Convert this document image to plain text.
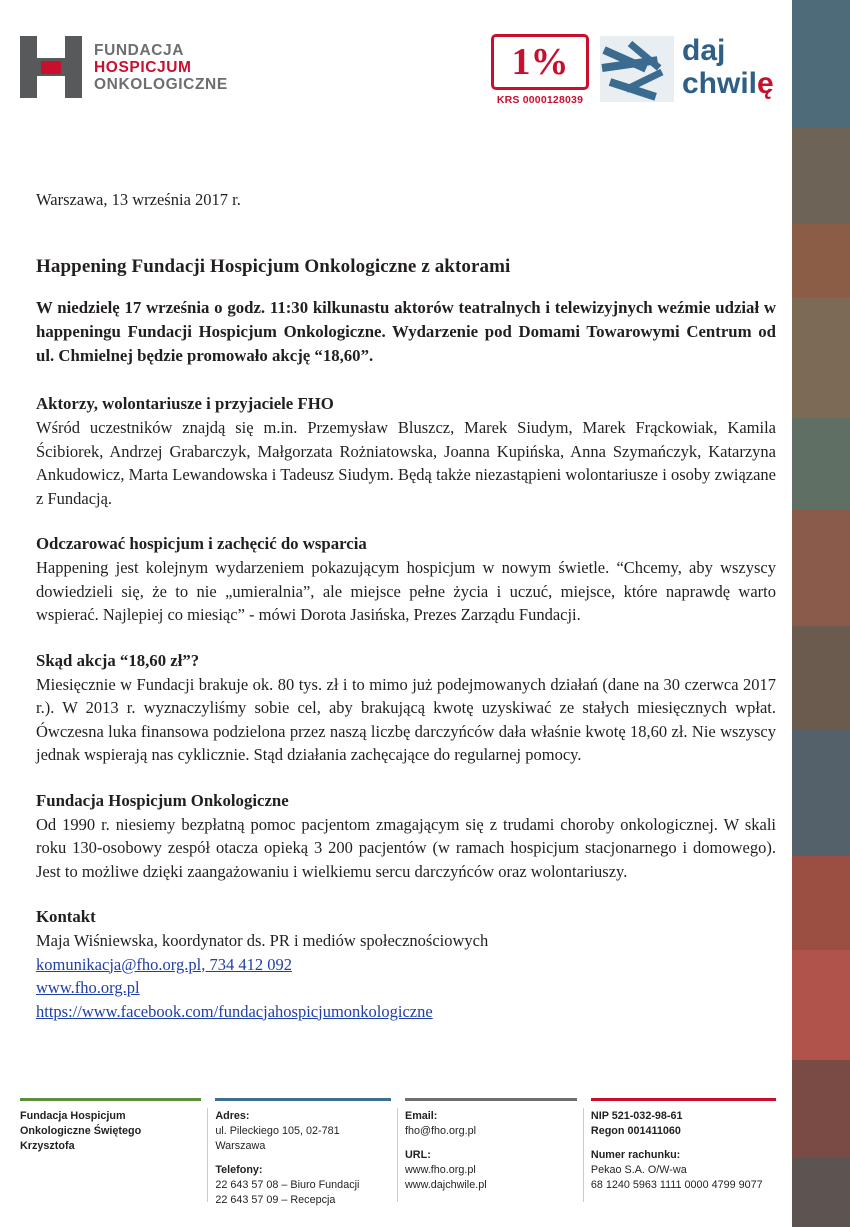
FUNDACJA
HOSPICJUM
ONKOLOGICZNE
1%
KRS 0000128039
daj
chwilę
Warszawa, 13 września 2017 r.
Happening Fundacji Hospicjum Onkologiczne z aktorami

W niedzielę 17 września o godz. 11:30 kilkunastu aktorów teatralnych i telewizyjnych weźmie udział w happeningu Fundacji Hospicjum Onkologiczne. Wydarzenie pod Domami Towarowymi Centrum od ul. Chmielnej będzie promowało akcję “18,60”.

Aktorzy, wolontariusze i przyjaciele FHO

Wśród uczestników znajdą się m.in. Przemysław Bluszcz, Marek Siudym, Marek Frąckowiak, Kamila Ścibiorek, Andrzej Grabarczyk, Małgorzata Rożniatowska, Joanna Kupińska, Anna Szymańczyk, Katarzyna Ankudowicz, Marta Lewandowska i Tadeusz Siudym. Będą także niezastąpieni wolontariusze i osoby związane z Fundacją.

Odczarować hospicjum i zachęcić do wsparcia

Happening jest kolejnym wydarzeniem pokazującym hospicjum w nowym świetle. “Chcemy, aby wszyscy dowiedzieli się, że to nie „umieralnia”, ale miejsce pełne życia i uczuć, miejsce, które naprawdę warto wspierać. Najlepiej co miesiąc” - mówi Dorota Jasińska, Prezes Zarządu Fundacji.

Skąd akcja “18,60 zł”?

Miesięcznie w Fundacji brakuje ok. 80 tys. zł i to mimo już podejmowanych działań (dane na 30 czerwca 2017 r.). W 2013 r. wyznaczyliśmy sobie cel, aby brakującą kwotę uzyskiwać ze stałych miesięcznych wpłat. Ówczesna luka finansowa podzielona przez naszą liczbę darczyńców dała właśnie kwotę 18,60 zł. Nie wszyscy jednak wspierają nas cyklicznie. Stąd działania zachęcające do regularnej pomocy.

Fundacja Hospicjum Onkologiczne

Od 1990 r. niesiemy bezpłatną pomoc pacjentom zmagającym się z trudami choroby onkologicznej. W skali roku 130-osobowy zespół otacza opieką 3 200 pacjentów (w ramach hospicjum stacjonarnego i domowego). Jest to możliwe dzięki zaangażowaniu i wielkiemu sercu darczyńców oraz wolontariuszy.

Kontakt
Maja Wiśniewska, koordynator ds. PR i mediów społecznościowych
komunikacja@fho.org.pl, 734 412 092
www.fho.org.pl
https://www.facebook.com/fundacjahospicjumonkologiczne
Fundacja Hospicjum
Onkologiczne Świętego
Krzysztofa
Adres:
ul. Pileckiego 105, 02-781 Warszawa
Telefony:
22 643 57 08 – Biuro Fundacji
22 643 57 09 – Recepcja
Email:
fho@fho.org.pl
URL:
www.fho.org.pl
www.dajchwile.pl
NIP 521-032-98-61
Regon 001411060
Numer rachunku:
Pekao S.A. O/W-wa
68 1240 5963 1111 0000 4799 9077
